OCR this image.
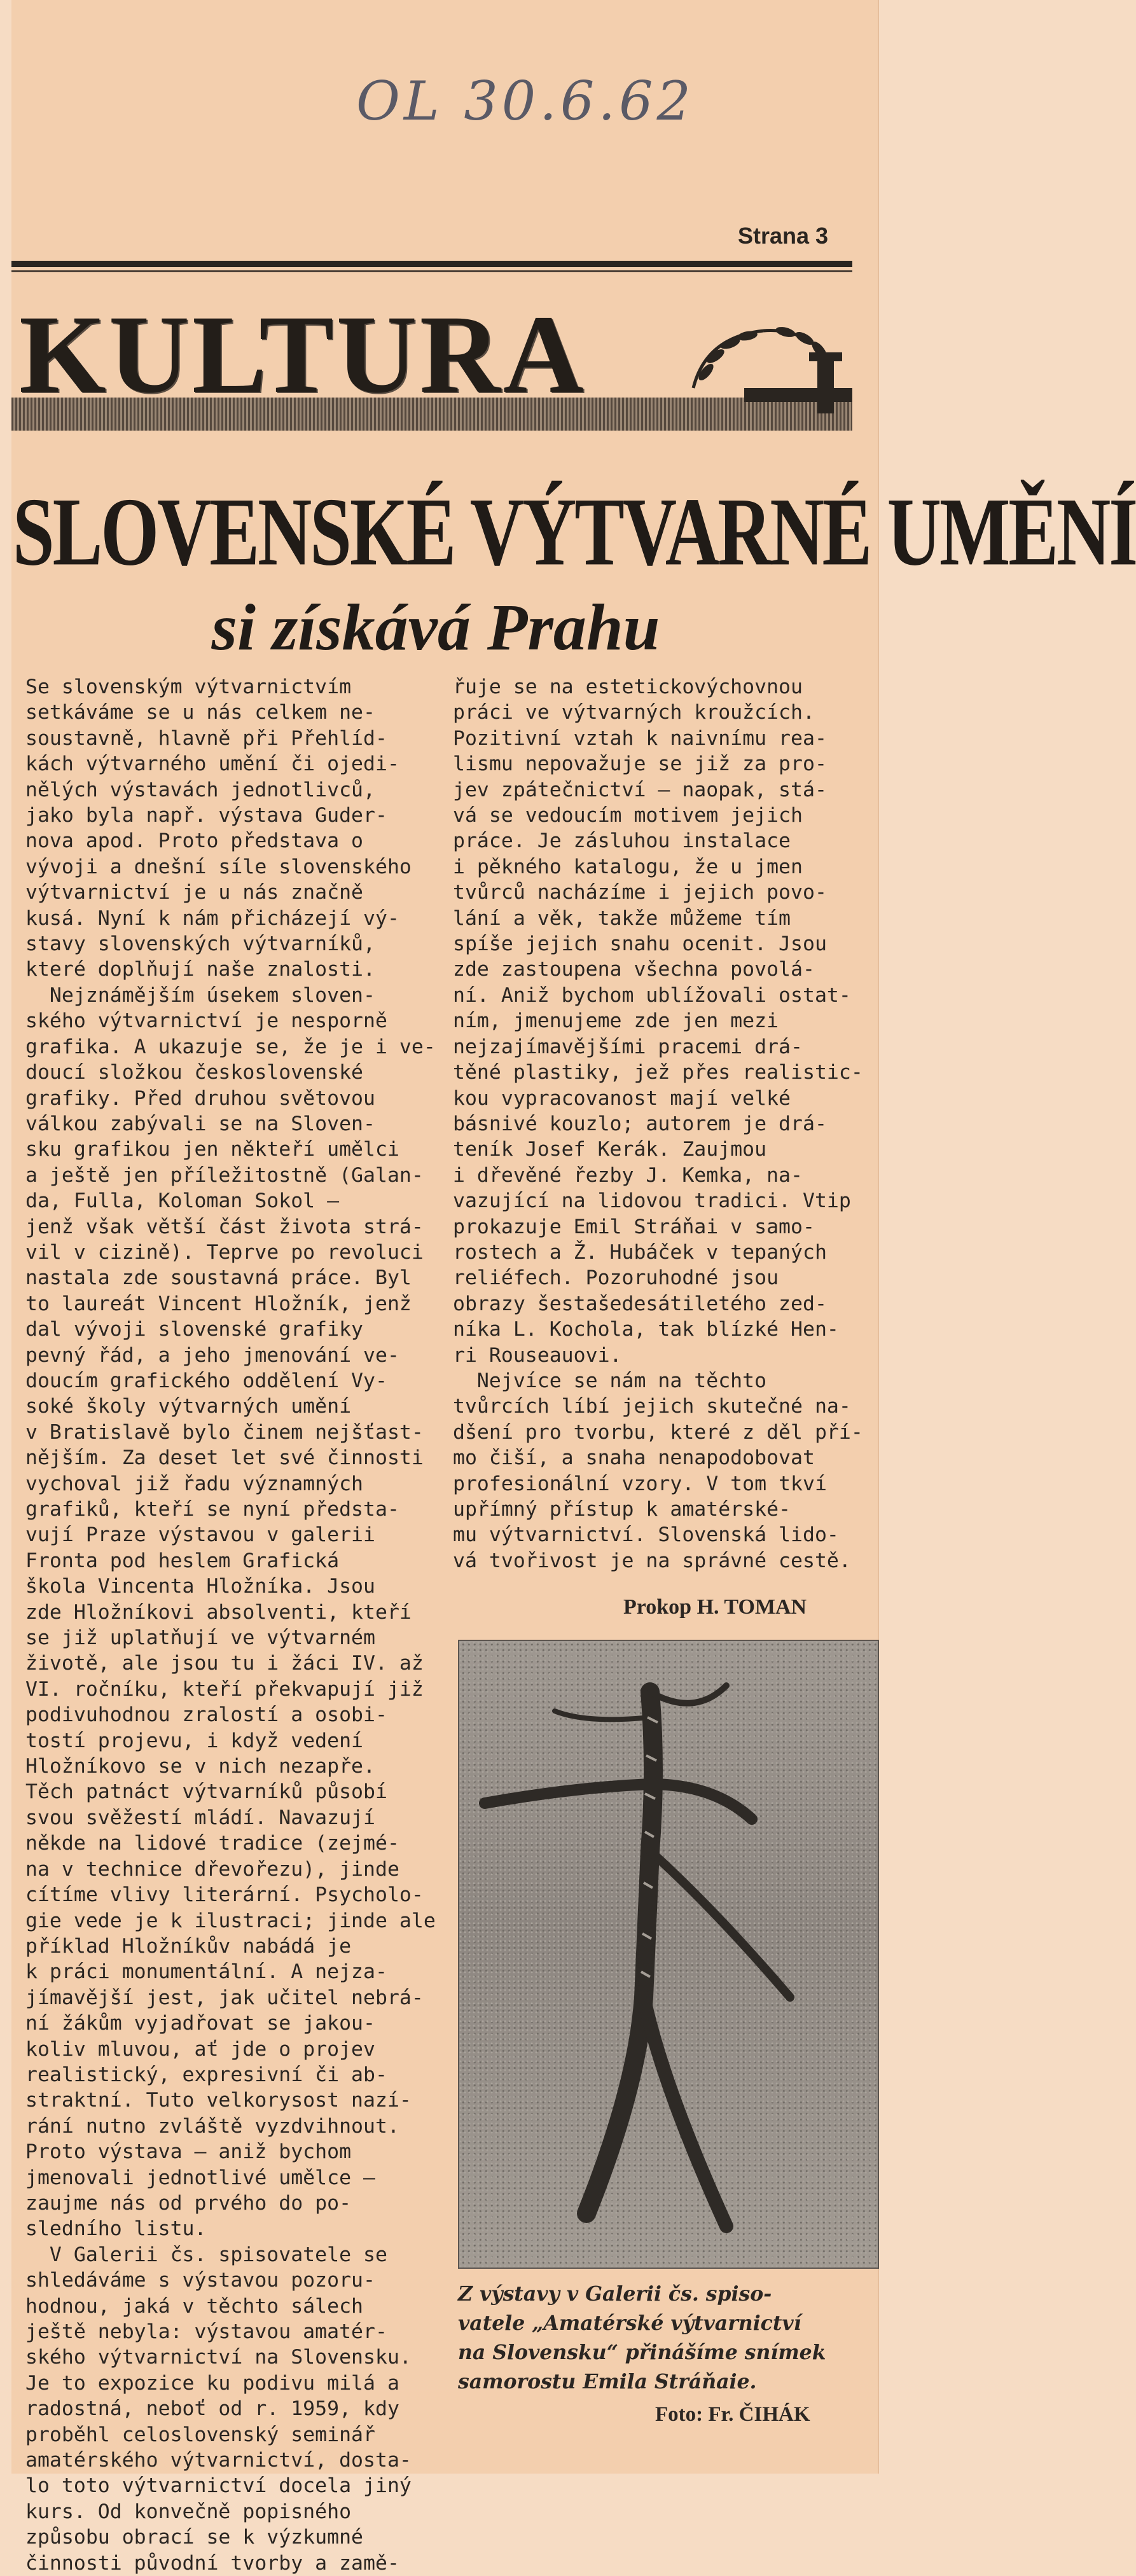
OL 30.6.62
Strana 3
KULTURA
SLOVENSKÉ VÝTVARNÉ UMĚNÍ
si získává Prahu
Se slovenským výtvarnictvím
setkáváme se u nás celkem ne-
soustavně, hlavně při Přehlíd-
kách výtvarného umění či ojedi-
nělých výstavách jednotlivců,
jako byla např. výstava Guder-
nova apod. Proto představa o
vývoji a dnešní síle slovenského
výtvarnictví je u nás značně
kusá. Nyní k nám přicházejí vý-
stavy slovenských výtvarníků,
které doplňují naše znalosti.
Nejznámějším úsekem sloven-
ského výtvarnictví je nesporně
grafika. A ukazuje se, že je i ve-
doucí složkou československé
grafiky. Před druhou světovou
válkou zabývali se na Sloven-
sku grafikou jen někteří umělci
a ještě jen příležitostně (Galan-
da, Fulla, Koloman Sokol —
jenž však větší část života strá-
vil v cizině). Teprve po revoluci
nastala zde soustavná práce. Byl
to laureát Vincent Hložník, jenž
dal vývoji slovenské grafiky
pevný řád, a jeho jmenování ve-
doucím grafického oddělení Vy-
soké školy výtvarných umění
v Bratislavě bylo činem nejšťast-
nějším. Za deset let své činnosti
vychoval již řadu významných
grafiků, kteří se nyní předsta-
vují Praze výstavou v galerii
Fronta pod heslem Grafická
škola Vincenta Hložníka. Jsou
zde Hložníkovi absolventi, kteří
se již uplatňují ve výtvarném
životě, ale jsou tu i žáci IV. až
VI. ročníku, kteří překvapují již
podivuhodnou zralostí a osobi-
tostí projevu, i když vedení
Hložníkovo se v nich nezapře.
Těch patnáct výtvarníků působí
svou svěžestí mládí. Navazují
někde na lidové tradice (zejmé-
na v technice dřevořezu), jinde
cítíme vlivy literární. Psycholo-
gie vede je k ilustraci; jinde ale
příklad Hložníkův nabádá je
k práci monumentální. A nejza-
jímavější jest, jak učitel nebrá-
ní žákům vyjadřovat se jakou-
koliv mluvou, ať jde o projev
realistický, expresivní či ab-
straktní. Tuto velkorysost nazí-
rání nutno zvláště vyzdvihnout.
Proto výstava — aniž bychom
jmenovali jednotlivé umělce —
zaujme nás od prvého do po-
sledního listu.
V Galerii čs. spisovatele se
shledáváme s výstavou pozoru-
hodnou, jaká v těchto sálech
ještě nebyla: výstavou amatér-
ského výtvarnictví na Slovensku.
Je to expozice ku podivu milá a
radostná, neboť od r. 1959, kdy
proběhl celoslovenský seminář
amatérského výtvarnictví, dosta-
lo toto výtvarnictví docela jiný
kurs. Od konvečně popisného
způsobu obrací se k výzkumné
činnosti původní tvorby a zamě-
řuje se na estetickovýchovnou
práci ve výtvarných kroužcích.
Pozitivní vztah k naivnímu rea-
lismu nepovažuje se již za pro-
jev zpátečnictví — naopak, stá-
vá se vedoucím motivem jejich
práce. Je zásluhou instalace
i pěkného katalogu, že u jmen
tvůrců nacházíme i jejich povo-
lání a věk, takže můžeme tím
spíše jejich snahu ocenit. Jsou
zde zastoupena všechna povolá-
ní. Aniž bychom ublížovali ostat-
ním, jmenujeme zde jen mezi
nejzajímavějšími pracemi drá-
těné plastiky, jež přes realistic-
kou vypracovanost mají velké
básnivé kouzlo; autorem je drá-
teník Josef Kerák. Zaujmou
i dřevěné řezby J. Kemka, na-
vazující na lidovou tradici. Vtip
prokazuje Emil Stráňai v samo-
rostech a Ž. Hubáček v tepaných
reliéfech. Pozoruhodné jsou
obrazy šestašedesátiletého zed-
níka L. Kochola, tak blízké Hen-
ri Rouseauovi.
Nejvíce se nám na těchto
tvůrcích líbí jejich skutečné na-
dšení pro tvorbu, které z děl pří-
mo čiší, a snaha nenapodobovat
profesionální vzory. V tom tkví
upřímný přístup k amatérské-
mu výtvarnictví. Slovenská lido-
vá tvořivost je na správné cestě.
Prokop H. TOMAN
Z výstavy v Galerii čs. spiso-
vatele „Amatérské výtvarnictví
na Slovensku“ přinášíme snímek
samorostu Emila Stráňaie.
Foto: Fr. ČIHÁK
